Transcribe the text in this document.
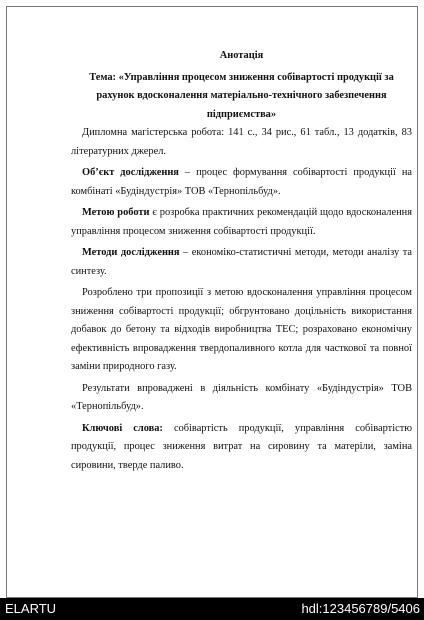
Анотація

Тема: «Управління процесом зниження собівартості продукції за рахунок вдосконалення матеріально-технічного забезпечення підприємства»

Дипломна магістерська робота: 141 с., 34 рис., 61 табл., 13 додатків, 83 літературних джерел.

Об’єкт дослідження – процес формування собівартості продукції на комбінаті «Будіндустрія» ТОВ «Тернопільбуд».

Метою роботи є розробка практичних рекомендацій щодо вдосконалення управління процесом зниження собівартості продукції.

Методи дослідження – економіко-статистичні методи, методи аналізу та синтезу.

Розроблено три пропозиції з метою вдосконалення управління процесом зниження собівартості продукції; обгрунтовано доцільність використання добавок до бетону та відходів виробництва ТЕС; розраховано економічну ефективність впровадження твердопаливного котла для часткової та повної заміни природного газу.

Результати впроваджені в діяльність комбінату «Будіндустрія» ТОВ «Тернопільбуд».

Ключові слова: собівартість продукції, управління собівартістю продукції, процес зниження витрат на сировину та матеріли, заміна сировини, тверде паливо.

ELARTU	hdl:123456789/5406
